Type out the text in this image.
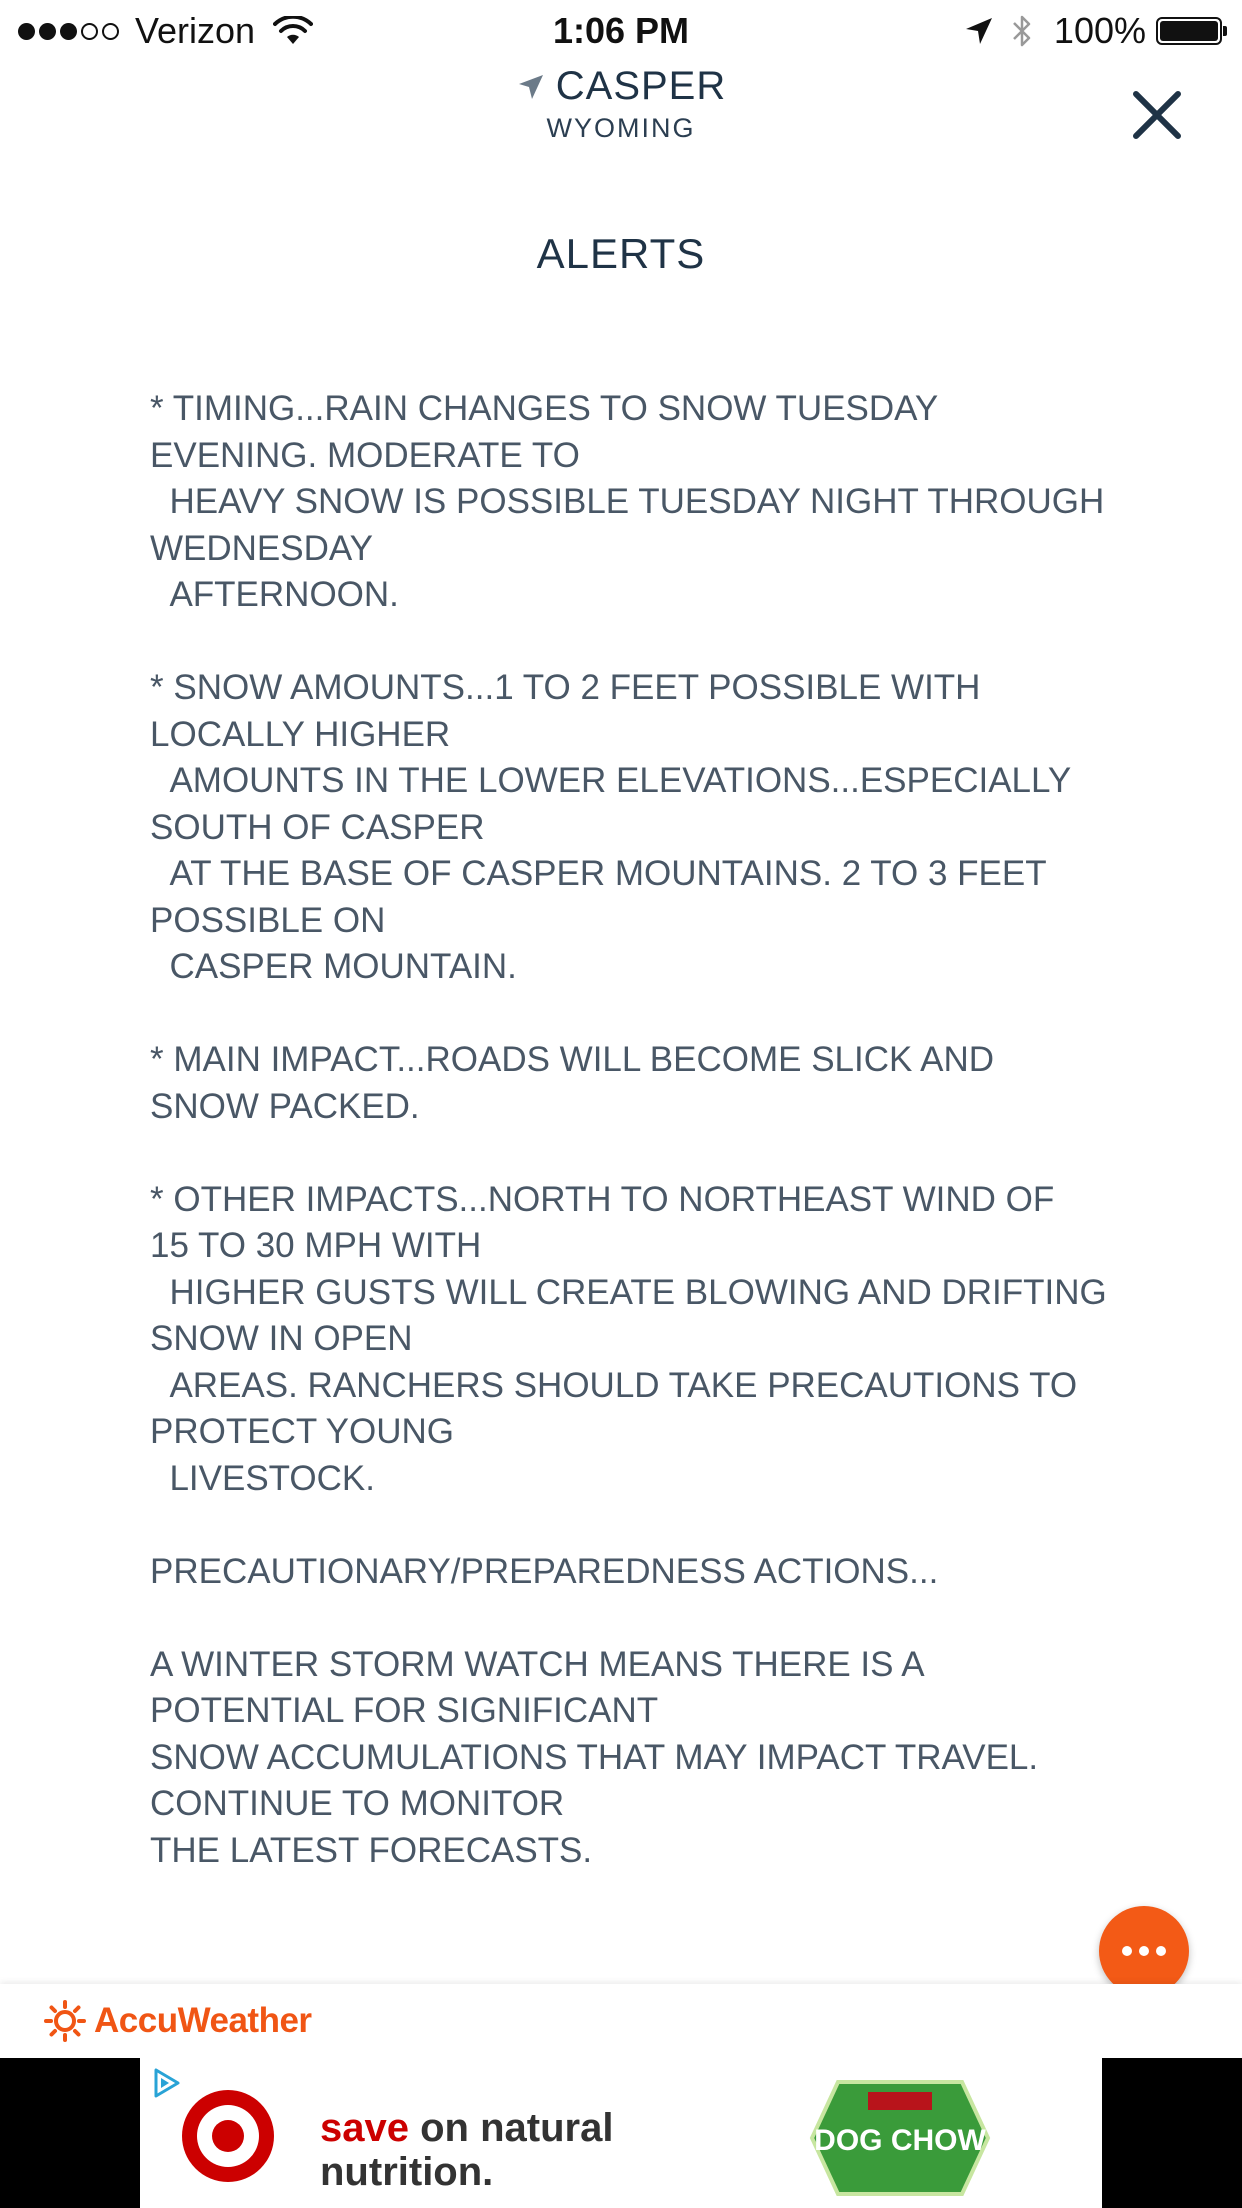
Verizon	1:06 PM	100%
CASPER
WYOMING
ALERTS
* TIMING...RAIN CHANGES TO SNOW TUESDAY
EVENING. MODERATE TO
HEAVY SNOW IS POSSIBLE TUESDAY NIGHT THROUGH
WEDNESDAY
AFTERNOON.

* SNOW AMOUNTS...1 TO 2 FEET POSSIBLE WITH
LOCALLY HIGHER
AMOUNTS IN THE LOWER ELEVATIONS...ESPECIALLY
SOUTH OF CASPER
AT THE BASE OF CASPER MOUNTAINS. 2 TO 3 FEET
POSSIBLE ON
CASPER MOUNTAIN.

* MAIN IMPACT...ROADS WILL BECOME SLICK AND
SNOW PACKED.

* OTHER IMPACTS...NORTH TO NORTHEAST WIND OF
15 TO 30 MPH WITH
HIGHER GUSTS WILL CREATE BLOWING AND DRIFTING
SNOW IN OPEN
AREAS. RANCHERS SHOULD TAKE PRECAUTIONS TO
PROTECT YOUNG
LIVESTOCK.

PRECAUTIONARY/PREPAREDNESS ACTIONS...

A WINTER STORM WATCH MEANS THERE IS A
POTENTIAL FOR SIGNIFICANT
SNOW ACCUMULATIONS THAT MAY IMPACT TRAVEL.
CONTINUE TO MONITOR
THE LATEST FORECASTS.
AccuWeather
save on natural
nutrition.
DOG CHOW
